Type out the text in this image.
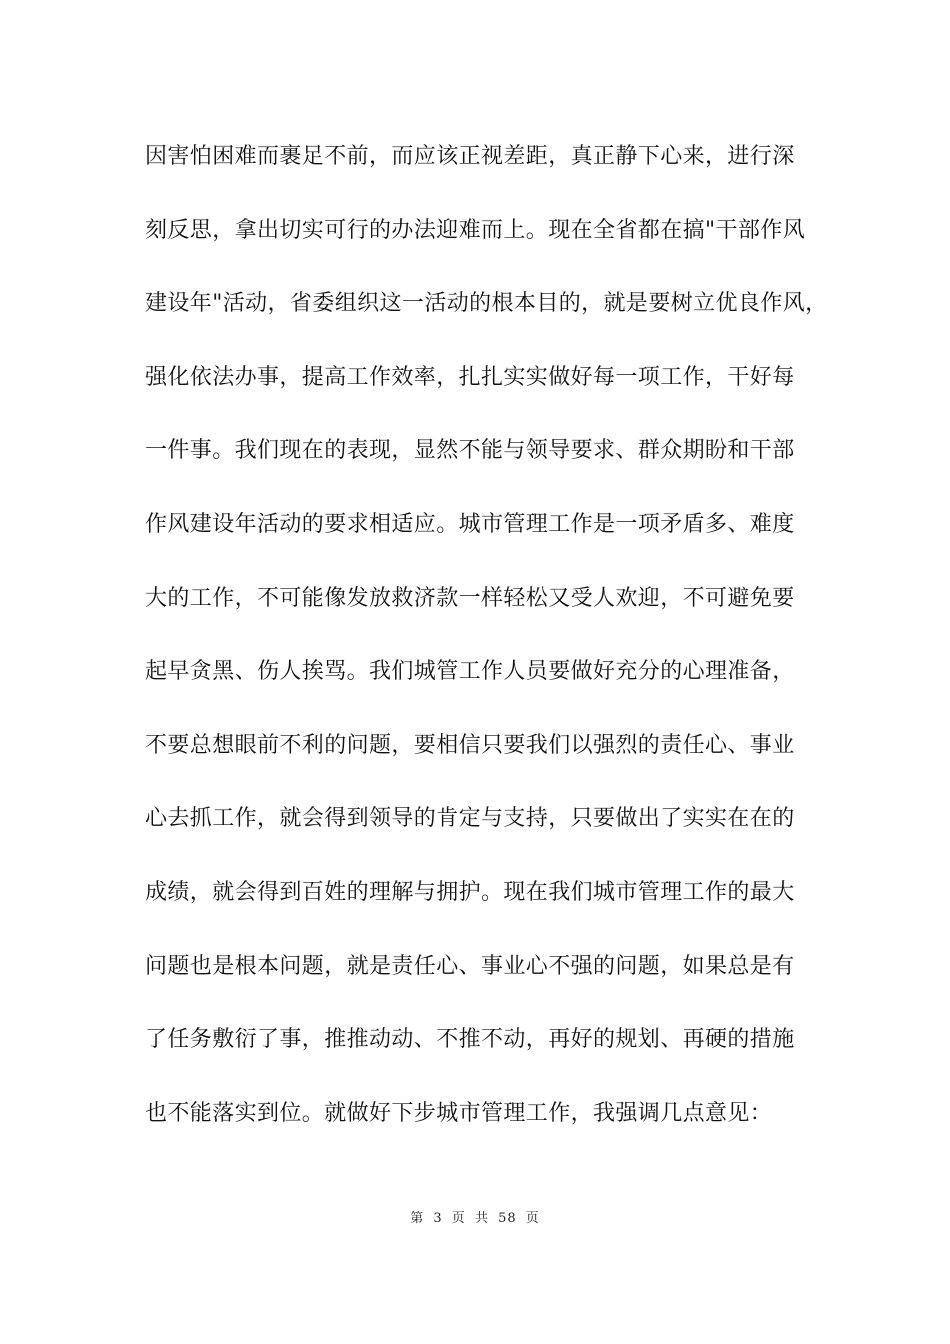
因害怕困难而裹足不前，而应该正视差距，真正静下心来，进行深
刻反思，拿出切实可行的办法迎难而上。现在全省都在搞"干部作风
建设年"活动，省委组织这一活动的根本目的，就是要树立优良作风，
强化依法办事，提高工作效率，扎扎实实做好每一项工作，干好每
一件事。我们现在的表现，显然不能与领导要求、群众期盼和干部
作风建设年活动的要求相适应。城市管理工作是一项矛盾多、难度
大的工作，不可能像发放救济款一样轻松又受人欢迎，不可避免要
起早贪黑、伤人挨骂。我们城管工作人员要做好充分的心理准备，
不要总想眼前不利的问题，要相信只要我们以强烈的责任心、事业
心去抓工作，就会得到领导的肯定与支持，只要做出了实实在在的
成绩，就会得到百姓的理解与拥护。现在我们城市管理工作的最大
问题也是根本问题，就是责任心、事业心不强的问题，如果总是有
了任务敷衍了事，推推动动、不推不动，再好的规划、再硬的措施
也不能落实到位。就做好下步城市管理工作，我强调几点意见：
第 3 页 共 58 页
